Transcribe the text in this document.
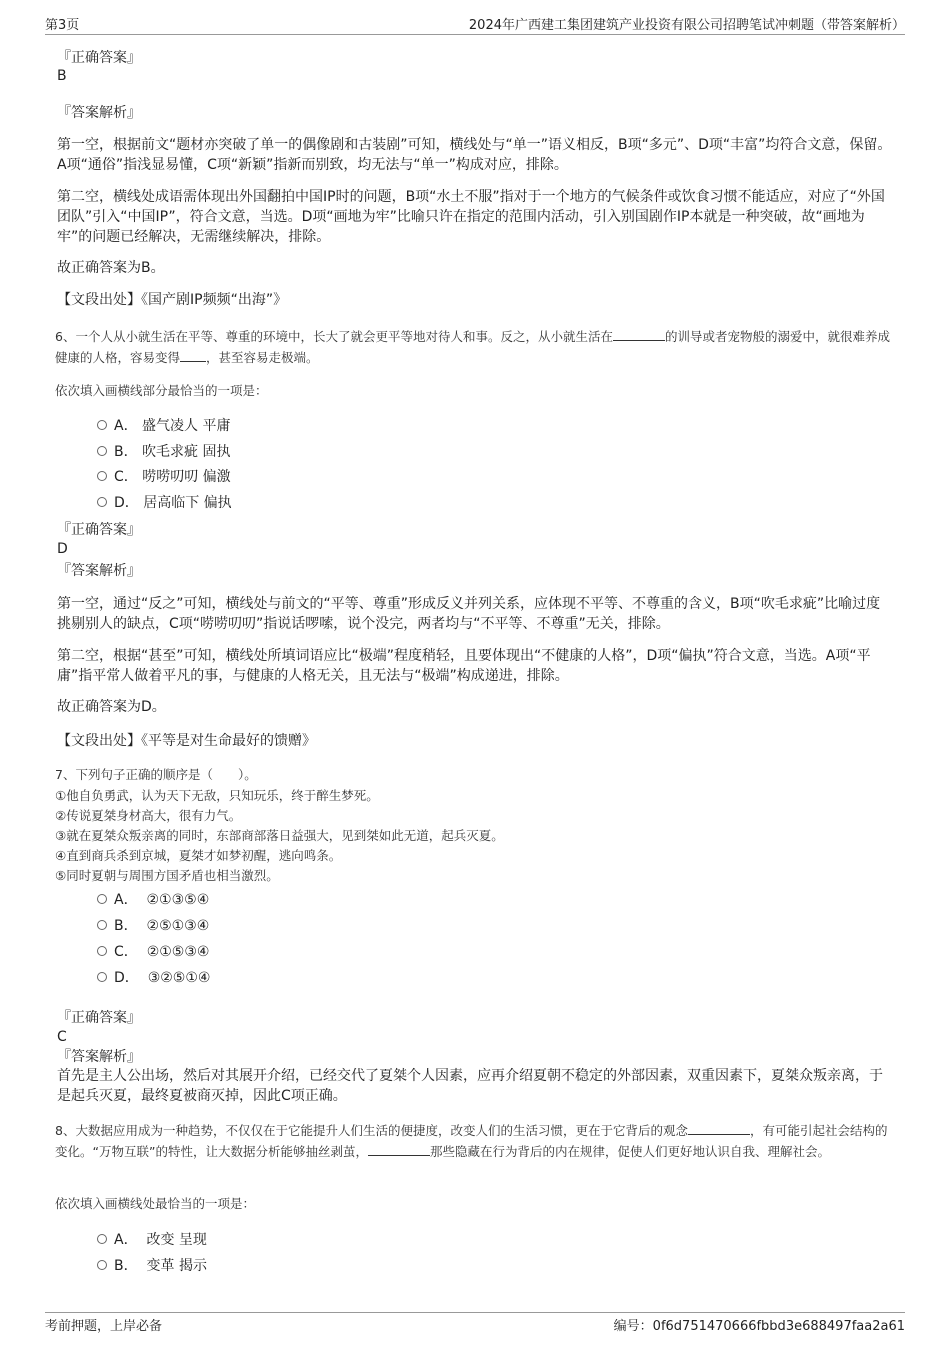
第3页	2024年广西建工集团建筑产业投资有限公司招聘笔试冲刺题（带答案解析）
『正确答案』
B
『答案解析』
第一空，根据前文“题材亦突破了单一的偶像剧和古装剧”可知，横线处与“单一”语义相反，B项“多元”、D项“丰富”均符合文意，保留。A项“通俗”指浅显易懂，C项“新颖”指新而别致，均无法与“单一”构成对应，排除。
第二空，横线处成语需体现出外国翻拍中国IP时的问题，B项“水土不服”指对于一个地方的气候条件或饮食习惯不能适应，对应了“外国团队”引入“中国IP”，符合文意，当选。D项“画地为牢”比喻只许在指定的范围内活动，引入别国剧作IP本就是一种突破，故“画地为牢”的问题已经解决，无需继续解决，排除。
故正确答案为B。
【文段出处】《国产剧IP频频“出海”》
6、一个人从小就生活在平等、尊重的环境中，长大了就会更平等地对待人和事。反之，从小就生活在	的训导或者宠物般的溺爱中，就很难养成健康的人格，容易变得 ，甚至容易走极端。
依次填入画横线部分最恰当的一项是：
A． 盛气凌人 平庸
B． 吹毛求疵 固执
C． 唠唠叨叨 偏激
D． 居高临下 偏执
『正确答案』
D
『答案解析』
第一空，通过“反之”可知，横线处与前文的“平等、尊重”形成反义并列关系，应体现不平等、不尊重的含义，B项“吹毛求疵”比喻过度挑剔别人的缺点，C项“唠唠叨叨”指说话啰嗦，说个没完，两者均与“不平等、不尊重”无关，排除。
第二空，根据“甚至”可知，横线处所填词语应比“极端”程度稍轻，且要体现出“不健康的人格”，D项“偏执”符合文意，当选。A项“平庸”指平常人做着平凡的事，与健康的人格无关，且无法与“极端”构成递进，排除。
故正确答案为D。
【文段出处】《平等是对生命最好的馈赠》
7、下列句子正确的顺序是（　　）。
①他自负勇武，认为天下无敌，只知玩乐，终于醉生梦死。
②传说夏桀身材高大，很有力气。
③就在夏桀众叛亲离的同时，东部商部落日益强大，见到桀如此无道，起兵灭夏。
④直到商兵杀到京城，夏桀才如梦初醒，逃向鸣条。
⑤同时夏朝与周围方国矛盾也相当激烈。
A． ②①③⑤④
B． ②⑤①③④
C． ②①⑤③④
D． ③②⑤①④
『正确答案』
C
『答案解析』
首先是主人公出场，然后对其展开介绍，已经交代了夏桀个人因素，应再介绍夏朝不稳定的外部因素，双重因素下，夏桀众叛亲离，于是起兵灭夏，最终夏被商灭掉，因此C项正确。
8、大数据应用成为一种趋势，不仅仅在于它能提升人们生活的便捷度，改变人们的生活习惯，更在于它背后的观念	，有可能引起社会结构的变化。“万物互联”的特性，让大数据分析能够抽丝剥茧，	那些隐藏在行为背后的内在规律，促使人们更好地认识自我、理解社会。
依次填入画横线处最恰当的一项是：
A． 改变 呈现
B． 变革 揭示
考前押题，上岸必备	编号：0f6d751470666fbbd3e688497faa2a61
